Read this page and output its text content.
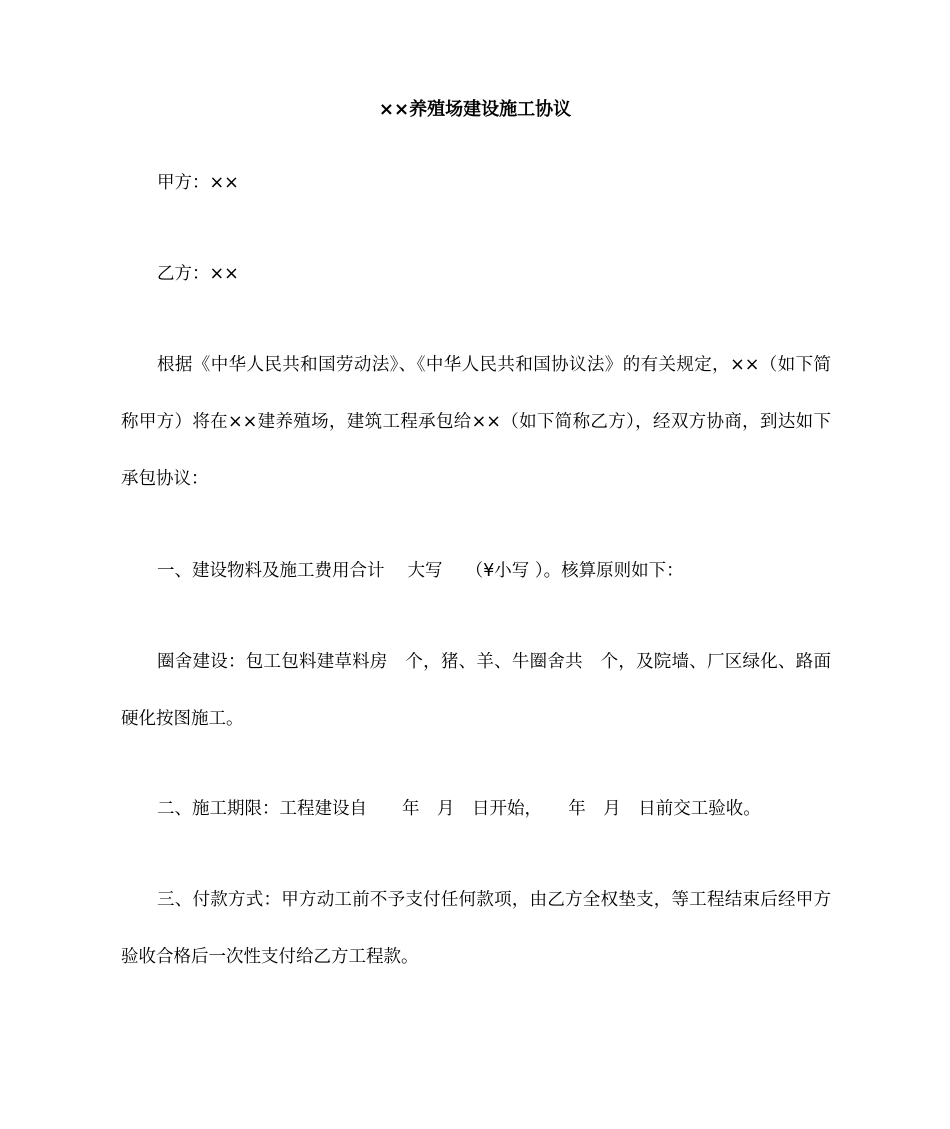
××养殖场建设施工协议

甲方：××

乙方：××

根据《中华人民共和国劳动法》、《中华人民共和国协议法》的有关规定，××（如下简称甲方）将在××建养殖场，建筑工程承包给××（如下简称乙方），经双方协商，到达如下承包协议：

一、建设物料及施工费用合计　 大写　 （¥小写 ）。核算原则如下：

圈舍建设：包工包料建草料房　个，猪、羊、牛圈舍共　个，及院墙、厂区绿化、路面硬化按图施工。

二、施工期限：工程建设自　　年　月　日开始，　　年　月　日前交工验收。

三、付款方式：甲方动工前不予支付任何款项，由乙方全权垫支，等工程结束后经甲方验收合格后一次性支付给乙方工程款。
